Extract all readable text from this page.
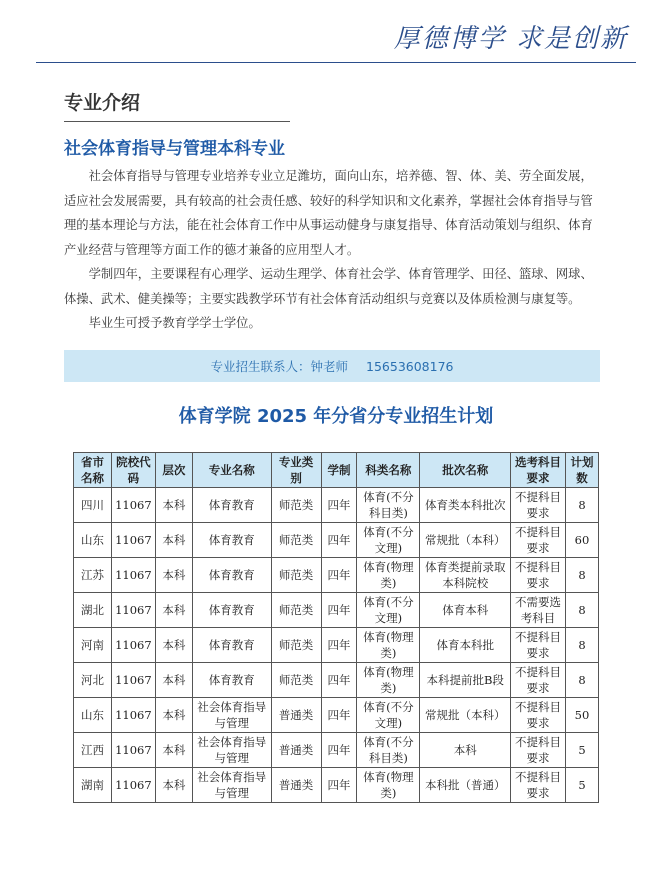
厚德博学 求是创新
专业介绍
社会体育指导与管理本科专业

社会体育指导与管理专业培养专业立足潍坊，面向山东，培养德、智、体、美、劳全面发展，适应社会发展需要，具有较高的社会责任感、较好的科学知识和文化素养，掌握社会体育指导与管理的基本理论与方法，能在社会体育工作中从事运动健身与康复指导、体育活动策划与组织、体育产业经营与管理等方面工作的德才兼备的应用型人才。

学制四年，主要课程有心理学、运动生理学、体育社会学、体育管理学、田径、篮球、网球、体操、武术、健美操等；主要实践教学环节有社会体育活动组织与竞赛以及体质检测与康复等。

毕业生可授予教育学学士学位。

专业招生联系人：钟老师 15653608176
体育学院 2025 年分省分专业招生计划
省市名称	院校代码	层次	专业名称	专业类别	学制	科类名称	批次名称	选考科目要求	计划数
四川	11067	本科	体育教育	师范类	四年	体育(不分科目类)	体育类本科批次	不提科目要求	8
山东	11067	本科	体育教育	师范类	四年	体育(不分文理)	常规批（本科）	不提科目要求	60
江苏	11067	本科	体育教育	师范类	四年	体育(物理类)	体育类提前录取本科院校	不提科目要求	8
湖北	11067	本科	体育教育	师范类	四年	体育(不分文理)	体育本科	不需要选考科目	8
河南	11067	本科	体育教育	师范类	四年	体育(物理类)	体育本科批	不提科目要求	8
河北	11067	本科	体育教育	师范类	四年	体育(物理类)	本科提前批B段	不提科目要求	8
山东	11067	本科	社会体育指导与管理	普通类	四年	体育(不分文理)	常规批（本科）	不提科目要求	50
江西	11067	本科	社会体育指导与管理	普通类	四年	体育(不分科目类)	本科	不提科目要求	5
湖南	11067	本科	社会体育指导与管理	普通类	四年	体育(物理类)	本科批（普通）	不提科目要求	5
